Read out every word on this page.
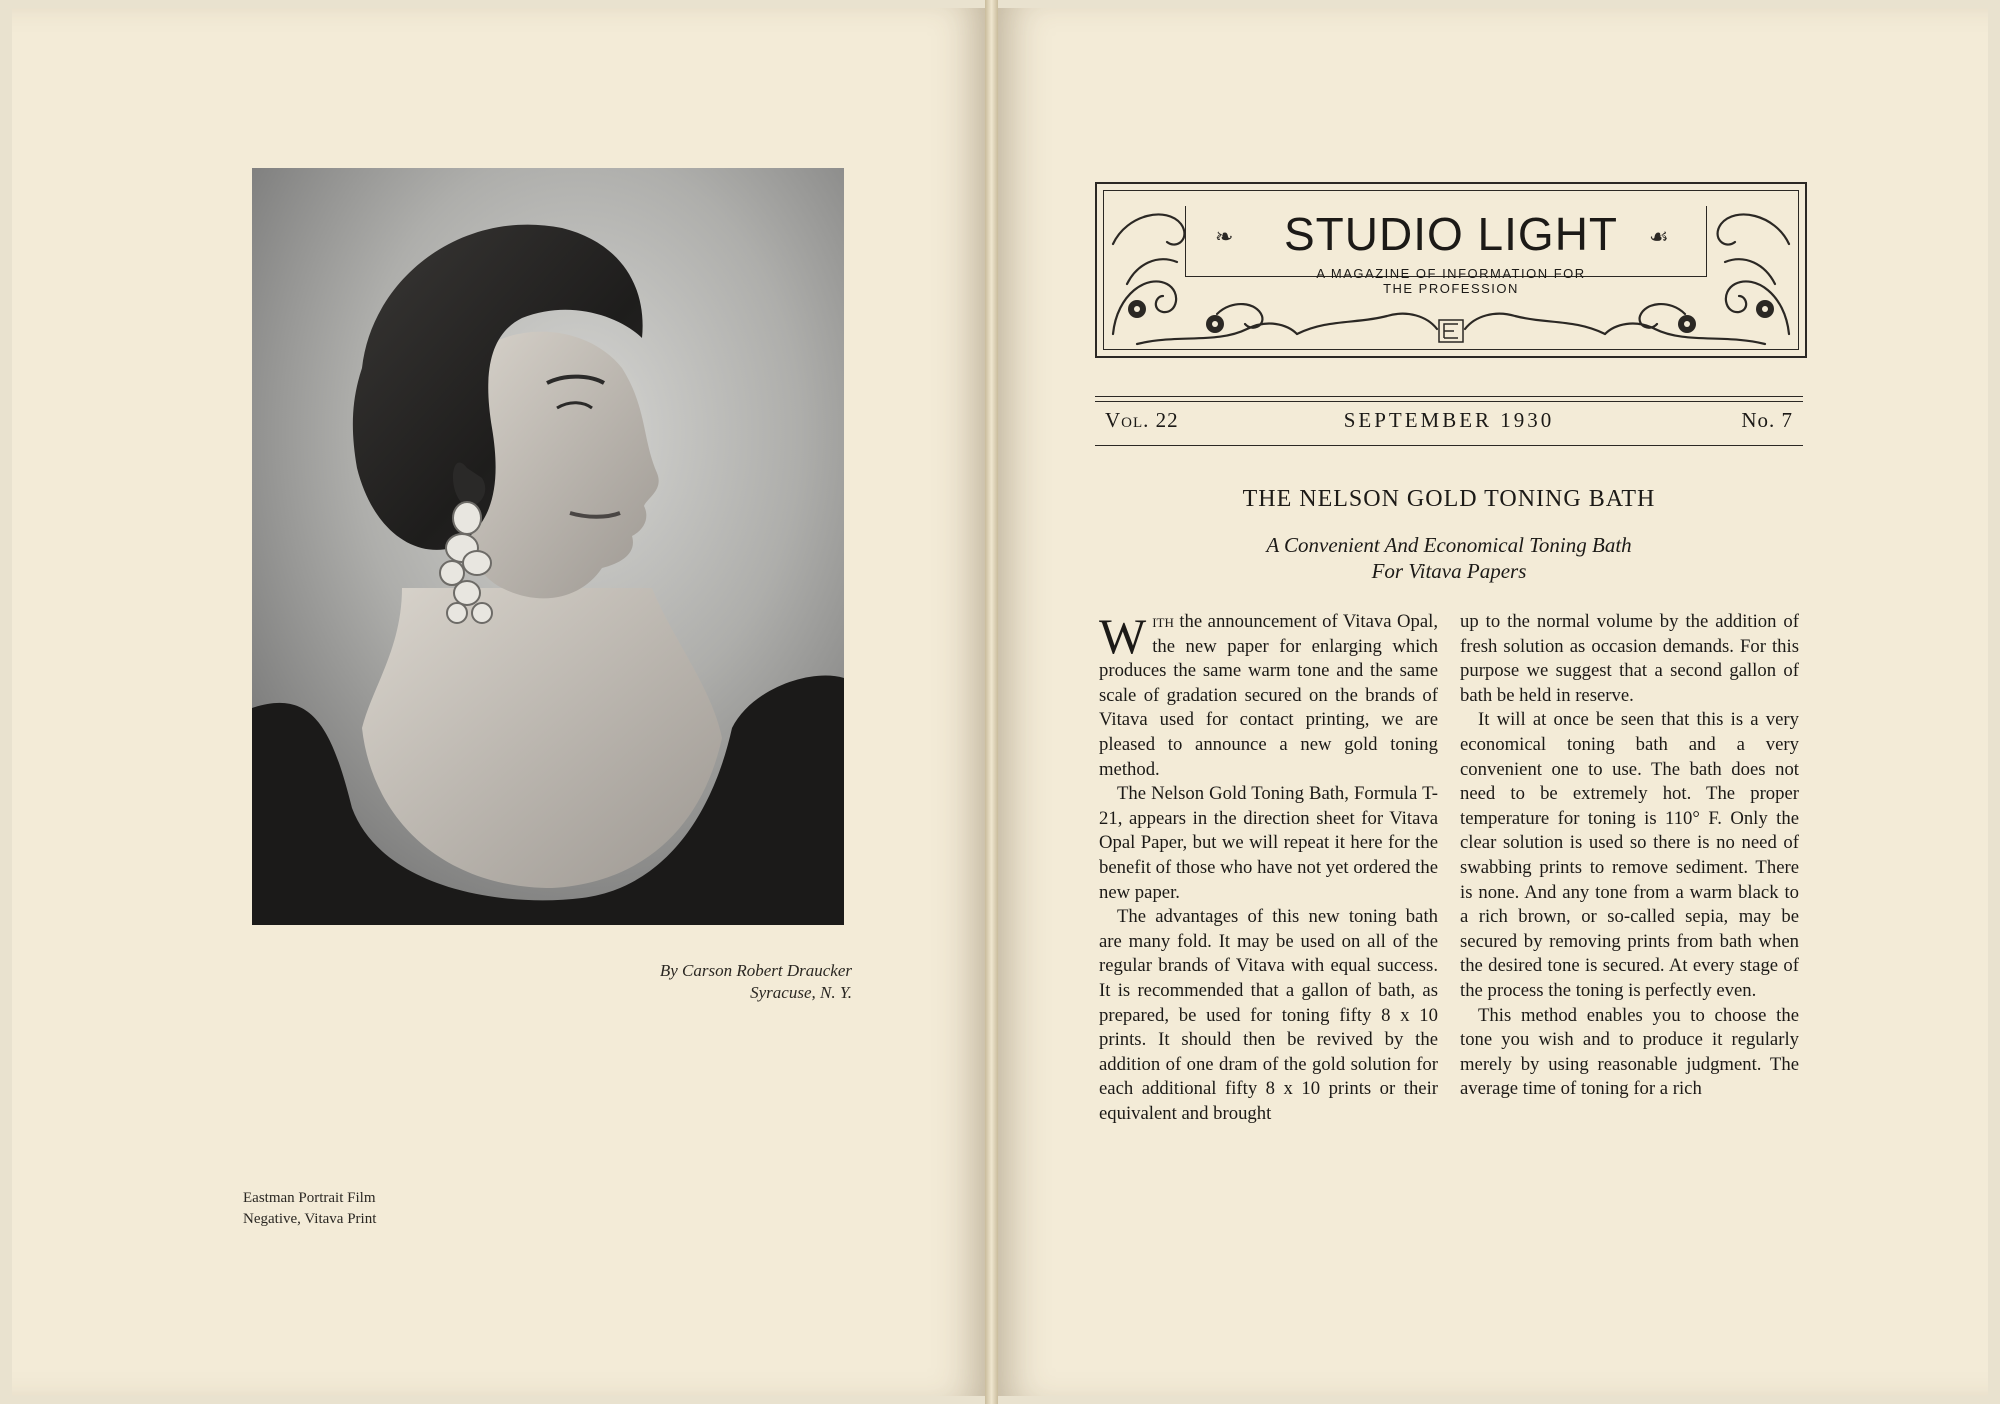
By Carson Robert Draucker
Syracuse, N. Y.
Eastman Portrait Film
Negative, Vitava Print
❧	☙
STUDIO LIGHT
A MAGAZINE OF INFORMATION FOR
THE PROFESSION
Vol. 22	SEPTEMBER 1930	No. 7
THE NELSON GOLD TONING BATH
A Convenient And Economical Toning Bath
For Vitava Papers

With the announcement of Vitava Opal, the new paper for enlarging which produces the same warm tone and the same scale of gradation secured on the brands of Vitava used for contact printing, we are pleased to announce a new gold toning method.

The Nelson Gold Toning Bath, Formula T-21, appears in the direction sheet for Vitava Opal Paper, but we will repeat it here for the benefit of those who have not yet ordered the new paper.

The advantages of this new toning bath are many fold. It may be used on all of the regular brands of Vitava with equal success. It is recommended that a gallon of bath, as prepared, be used for toning fifty 8 x 10 prints. It should then be revived by the addition of one dram of the gold solution for each additional fifty 8 x 10 prints or their equivalent and brought

up to the normal volume by the addition of fresh solution as occasion demands. For this purpose we suggest that a second gallon of bath be held in reserve.

It will at once be seen that this is a very economical toning bath and a very convenient one to use. The bath does not need to be extremely hot. The proper temperature for toning is 110° F. Only the clear solution is used so there is no need of swabbing prints to remove sediment. There is none. And any tone from a warm black to a rich brown, or so-called sepia, may be secured by removing prints from bath when the desired tone is secured. At every stage of the process the toning is perfectly even.

This method enables you to choose the tone you wish and to produce it regularly merely by using reasonable judgment. The average time of toning for a rich
